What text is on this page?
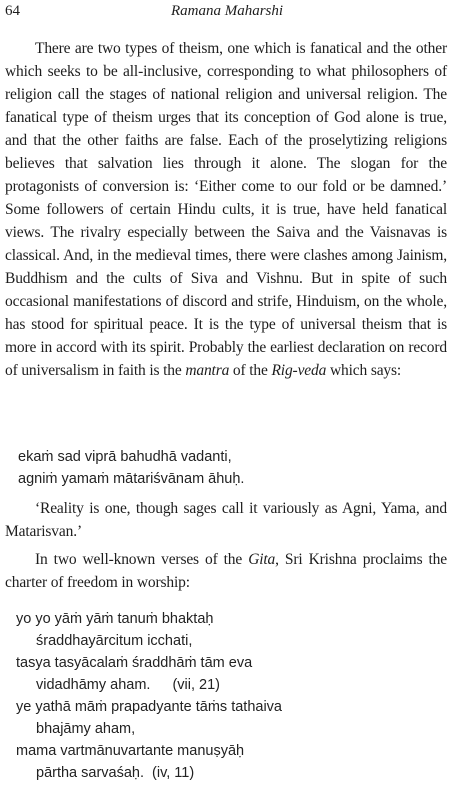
64	Ramana Maharshi

There are two types of theism, one which is fanatical and the other which seeks to be all-inclusive, corresponding to what philosophers of religion call the stages of national religion and universal religion. The fanatical type of theism urges that its conception of God alone is true, and that the other faiths are false. Each of the proselytizing religions believes that salvation lies through it alone. The slogan for the protagonists of conversion is: ‘Either come to our fold or be damned.’ Some followers of certain Hindu cults, it is true, have held fanatical views. The rivalry especially between the Saiva and the Vaisnavas is classical. And, in the medieval times, there were clashes among Jainism, Buddhism and the cults of Siva and Vishnu. But in spite of such occasional manifestations of discord and strife, Hinduism, on the whole, has stood for spiritual peace. It is the type of universal theism that is more in accord with its spirit. Probably the earliest declaration on record of universalism in faith is the mantra of the Rig-veda which says:

ekaṁ sad viprā bahudhā vadanti,
agniṁ yamaṁ mātariśvānam āhuḥ.

‘Reality is one, though sages call it variously as Agni, Yama, and Matarisvan.’

In two well-known verses of the Gita, Sri Krishna proclaims the charter of freedom in worship:

yo yo yāṁ yāṁ tanuṁ bhaktaḥ
śraddhayārcitum icchati,
tasya tasyācalaṁ śraddhāṁ tām eva
vidadhāmy aham. (vii, 21)
ye yathā māṁ prapadyante tāṁs tathaiva
bhajāmy aham,
mama vartmānuvartante manuṣyāḥ
pārtha sarvaśaḥ. (iv, 11)
